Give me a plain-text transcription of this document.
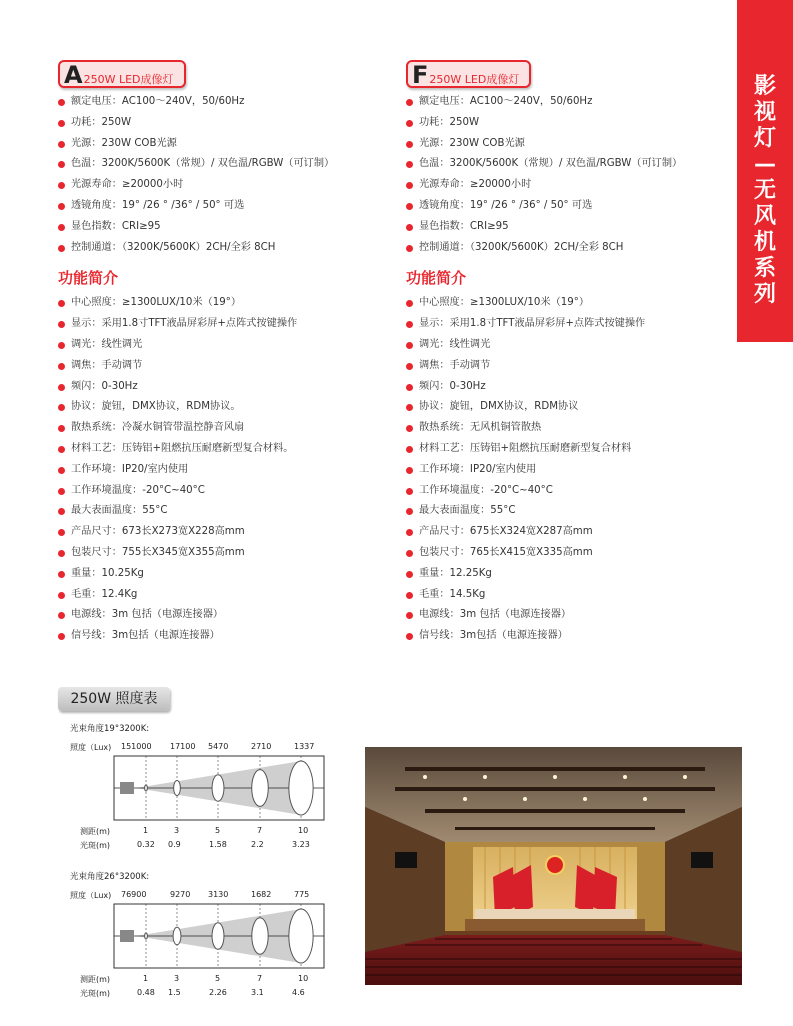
影
视
灯
—
无
风
机
系
列
A 250W LED成像灯
额定电压：AC100～240V，50/60Hz
功耗：250W
光源：230W COB光源
色温：3200K/5600K（常规）/ 双色温/RGBW（可订制）
光源寿命：≥20000小时
透镜角度：19° /26 ° /36° / 50° 可选
显色指数：CRI≥95
控制通道：（3200K/5600K）2CH/全彩 8CH
功能简介
中心照度：≥1300LUX/10米（19°）
显示：采用1.8寸TFT液晶屏彩屏+点阵式按键操作
调光：线性调光
调焦：手动调节
频闪：0-30Hz
协议：旋钮，DMX协议，RDM协议。
散热系统：冷凝水铜管带温控静音风扇
材料工艺：压铸铝+阻燃抗压耐磨新型复合材料。
工作环境：IP20/室内使用
工作环境温度：-20°C~40°C
最大表面温度：55°C
产品尺寸：673长X273宽X228高mm
包装尺寸：755长X345宽X355高mm
重量：10.25Kg
毛重：12.4Kg
电源线：3m 包括（电源连接器）
信号线：3m包括（电源连接器）
F 250W LED成像灯
额定电压：AC100～240V，50/60Hz
功耗：250W
光源：230W COB光源
色温：3200K/5600K（常规）/ 双色温/RGBW（可订制）
光源寿命：≥20000小时
透镜角度：19° /26 ° /36° / 50° 可选
显色指数：CRI≥95
控制通道：（3200K/5600K）2CH/全彩 8CH
功能简介
中心照度：≥1300LUX/10米（19°）
显示：采用1.8寸TFT液晶屏彩屏+点阵式按键操作
调光：线性调光
调焦：手动调节
频闪：0-30Hz
协议：旋钮，DMX协议，RDM协议
散热系统：无风机铜管散热
材料工艺：压铸铝+阻燃抗压耐磨新型复合材料
工作环境：IP20/室内使用
工作环境温度：-20°C~40°C
最大表面温度：55°C
产品尺寸：675长X324宽X287高mm
包装尺寸：765长X415宽X335高mm
重量：12.25Kg
毛重：14.5Kg
电源线：3m 包括（电源连接器）
信号线：3m包括（电源连接器）
250W 照度表
光束角度19°3200K:
照度（Lux) 151000 17100 5470	2710	1337
测距(m)	1	3	5	7	10
光斑(m)	0.32 0.9	1.58	2.2	3.23
光束角度26°3200K:
照度（Lux) 76900	9270 3130	1682	775
测距(m)	1	3	5	7	10
光斑(m)	0.48 1.5	2.26	3.1	4.6
